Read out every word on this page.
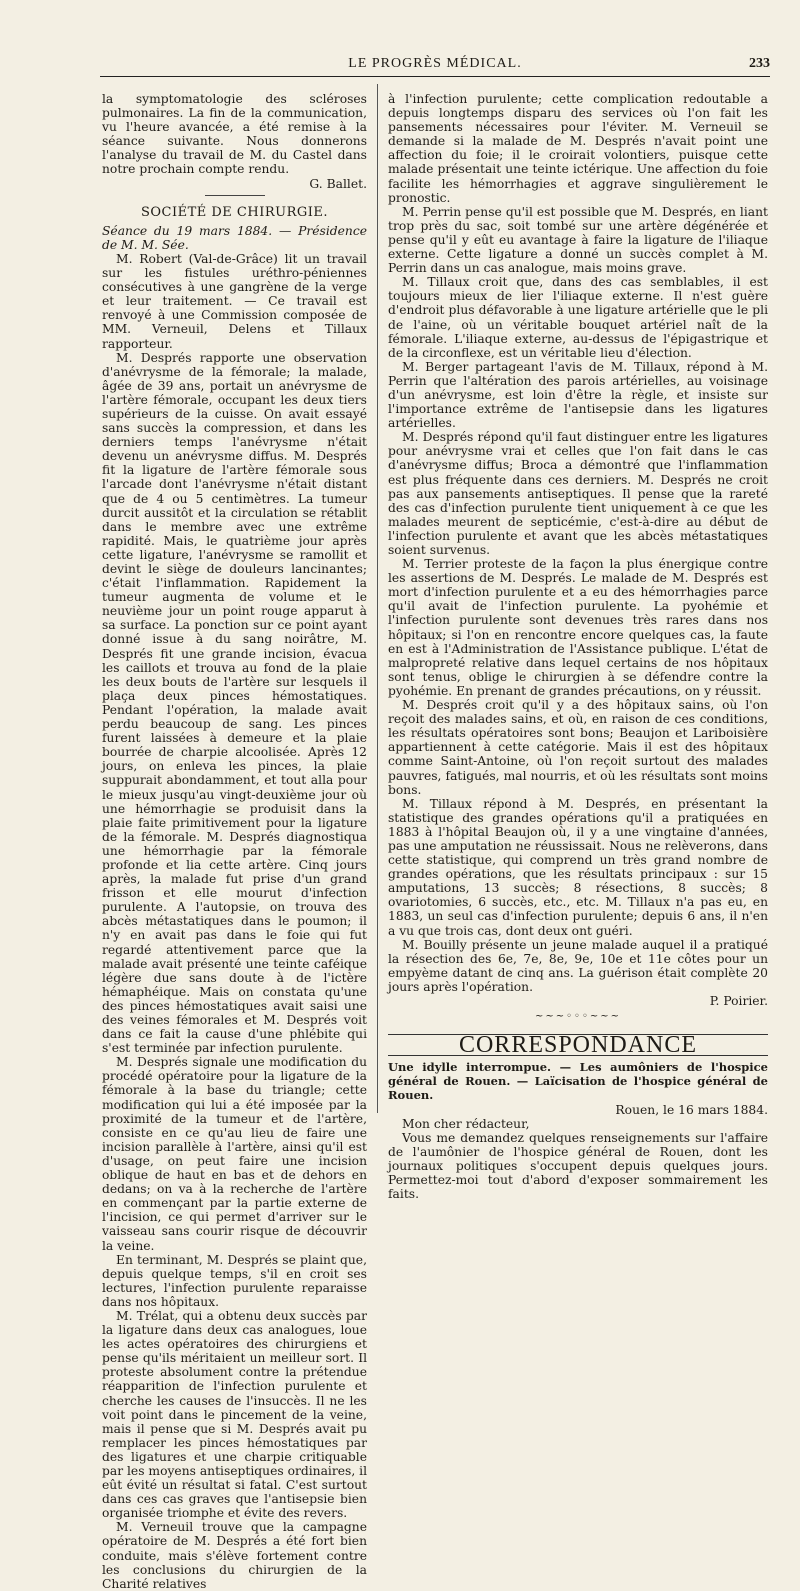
LE PROGRÈS MÉDICAL.	233

la symptomatologie des scléroses pulmonaires. La fin de la communication, vu l'heure avancée, a été remise à la séance suivante. Nous donnerons l'analyse du travail de M. du Castel dans notre prochain compte rendu.

G. Ballet.

SOCIÉTÉ DE CHIRURGIE.

Séance du 19 mars 1884. — Présidence de M. M. Sée.

M. Robert (Val-de-Grâce) lit un travail sur les fistules uréthro-péniennes consécutives à une gangrène de la verge et leur traitement. — Ce travail est renvoyé à une Commission composée de MM. Verneuil, Delens et Tillaux rapporteur.

M. Després rapporte une observation d'anévrysme de la fémorale; la malade, âgée de 39 ans, portait un anévrysme de l'artère fémorale, occupant les deux tiers supérieurs de la cuisse. On avait essayé sans succès la compression, et dans les derniers temps l'anévrysme n'était devenu un anévrysme diffus. M. Després fit la ligature de l'artère fémorale sous l'arcade dont l'anévrysme n'était distant que de 4 ou 5 centimètres. La tumeur durcit aussitôt et la circulation se rétablit dans le membre avec une extrême rapidité. Mais, le quatrième jour après cette ligature, l'anévrysme se ramollit et devint le siège de douleurs lancinantes; c'était l'inflammation. Rapidement la tumeur augmenta de volume et le neuvième jour un point rouge apparut à sa surface. La ponction sur ce point ayant donné issue à du sang noirâtre, M. Després fit une grande incision, évacua les caillots et trouva au fond de la plaie les deux bouts de l'artère sur lesquels il plaça deux pinces hémostatiques. Pendant l'opération, la malade avait perdu beaucoup de sang. Les pinces furent laissées à demeure et la plaie bourrée de charpie alcoolisée. Après 12 jours, on enleva les pinces, la plaie suppurait abondamment, et tout alla pour le mieux jusqu'au vingt-deuxième jour où une hémorrhagie se produisit dans la plaie faite primitivement pour la ligature de la fémorale. M. Després diagnostiqua une hémorrhagie par la fémorale profonde et lia cette artère. Cinq jours après, la malade fut prise d'un grand frisson et elle mourut d'infection purulente. A l'autopsie, on trouva des abcès métastatiques dans le poumon; il n'y en avait pas dans le foie qui fut regardé attentivement parce que la malade avait présenté une teinte caféique légère due sans doute à de l'ictère hémaphéique. Mais on constata qu'une des pinces hémostatiques avait saisi une des veines fémorales et M. Després voit dans ce fait la cause d'une phlébite qui s'est terminée par infection purulente.

M. Després signale une modification du procédé opératoire pour la ligature de la fémorale à la base du triangle; cette modification qui lui a été imposée par la proximité de la tumeur et de l'artère, consiste en ce qu'au lieu de faire une incision parallèle à l'artère, ainsi qu'il est d'usage, on peut faire une incision oblique de haut en bas et de dehors en dedans; on va à la recherche de l'artère en commençant par la partie externe de l'incision, ce qui permet d'arriver sur le vaisseau sans courir risque de découvrir la veine.

En terminant, M. Després se plaint que, depuis quelque temps, s'il en croit ses lectures, l'infection purulente reparaisse dans nos hôpitaux.

M. Trélat, qui a obtenu deux succès par la ligature dans deux cas analogues, loue les actes opératoires des chirurgiens et pense qu'ils méritaient un meilleur sort. Il proteste absolument contre la prétendue réapparition de l'infection purulente et cherche les causes de l'insuccès. Il ne les voit point dans le pincement de la veine, mais il pense que si M. Després avait pu remplacer les pinces hémostatiques par des ligatures et une charpie critiquable par les moyens antiseptiques ordinaires, il eût évité un résultat si fatal. C'est surtout dans ces cas graves que l'antisepsie bien organisée triomphe et évite des revers.

M. Verneuil trouve que la campagne opératoire de M. Després a été fort bien conduite, mais s'élève fortement contre les conclusions du chirurgien de la Charité relatives

à l'infection purulente; cette complication redoutable a depuis longtemps disparu des services où l'on fait les pansements nécessaires pour l'éviter. M. Verneuil se demande si la malade de M. Després n'avait point une affection du foie; il le croirait volontiers, puisque cette malade présentait une teinte ictérique. Une affection du foie facilite les hémorrhagies et aggrave singulièrement le pronostic.

M. Perrin pense qu'il est possible que M. Després, en liant trop près du sac, soit tombé sur une artère dégénérée et pense qu'il y eût eu avantage à faire la ligature de l'iliaque externe. Cette ligature a donné un succès complet à M. Perrin dans un cas analogue, mais moins grave.

M. Tillaux croit que, dans des cas semblables, il est toujours mieux de lier l'iliaque externe. Il n'est guère d'endroit plus défavorable à une ligature artérielle que le pli de l'aine, où un véritable bouquet artériel naît de la fémorale. L'iliaque externe, au-dessus de l'épigastrique et de la circonflexe, est un véritable lieu d'élection.

M. Berger partageant l'avis de M. Tillaux, répond à M. Perrin que l'altération des parois artérielles, au voisinage d'un anévrysme, est loin d'être la règle, et insiste sur l'importance extrême de l'antisepsie dans les ligatures artérielles.

M. Després répond qu'il faut distinguer entre les ligatures pour anévrysme vrai et celles que l'on fait dans le cas d'anévrysme diffus; Broca a démontré que l'inflammation est plus fréquente dans ces derniers. M. Després ne croit pas aux pansements antiseptiques. Il pense que la rareté des cas d'infection purulente tient uniquement à ce que les malades meurent de septicémie, c'est-à-dire au début de l'infection purulente et avant que les abcès métastatiques soient survenus.

M. Terrier proteste de la façon la plus énergique contre les assertions de M. Després. Le malade de M. Després est mort d'infection purulente et a eu des hémorrhagies parce qu'il avait de l'infection purulente. La pyohémie et l'infection purulente sont devenues très rares dans nos hôpitaux; si l'on en rencontre encore quelques cas, la faute en est à l'Administration de l'Assistance publique. L'état de malpropreté relative dans lequel certains de nos hôpitaux sont tenus, oblige le chirurgien à se défendre contre la pyohémie. En prenant de grandes précautions, on y réussit.

M. Després croit qu'il y a des hôpitaux sains, où l'on reçoit des malades sains, et où, en raison de ces conditions, les résultats opératoires sont bons; Beaujon et Lariboisière appartiennent à cette catégorie. Mais il est des hôpitaux comme Saint-Antoine, où l'on reçoit surtout des malades pauvres, fatigués, mal nourris, et où les résultats sont moins bons.

M. Tillaux répond à M. Després, en présentant la statistique des grandes opérations qu'il a pratiquées en 1883 à l'hôpital Beaujon où, il y a une vingtaine d'années, pas une amputation ne réussissait. Nous ne relèverons, dans cette statistique, qui comprend un très grand nombre de grandes opérations, que les résultats principaux : sur 15 amputations, 13 succès; 8 résections, 8 succès; 8 ovariotomies, 6 succès, etc., etc. M. Tillaux n'a pas eu, en 1883, un seul cas d'infection purulente; depuis 6 ans, il n'en a vu que trois cas, dont deux ont guéri.

M. Bouilly présente un jeune malade auquel il a pratiqué la résection des 6e, 7e, 8e, 9e, 10e et 11e côtes pour un empyème datant de cinq ans. La guérison était complète 20 jours après l'opération.

P. Poirier.

~~~◦◦◦~~~

CORRESPONDANCE

Une idylle interrompue. — Les aumôniers de l'hospice général de Rouen. — Laïcisation de l'hospice général de Rouen.

Rouen, le 16 mars 1884.

Mon cher rédacteur,

Vous me demandez quelques renseignements sur l'affaire de l'aumônier de l'hospice général de Rouen, dont les journaux politiques s'occupent depuis quelques jours. Permettez-moi tout d'abord d'exposer sommairement les faits.
